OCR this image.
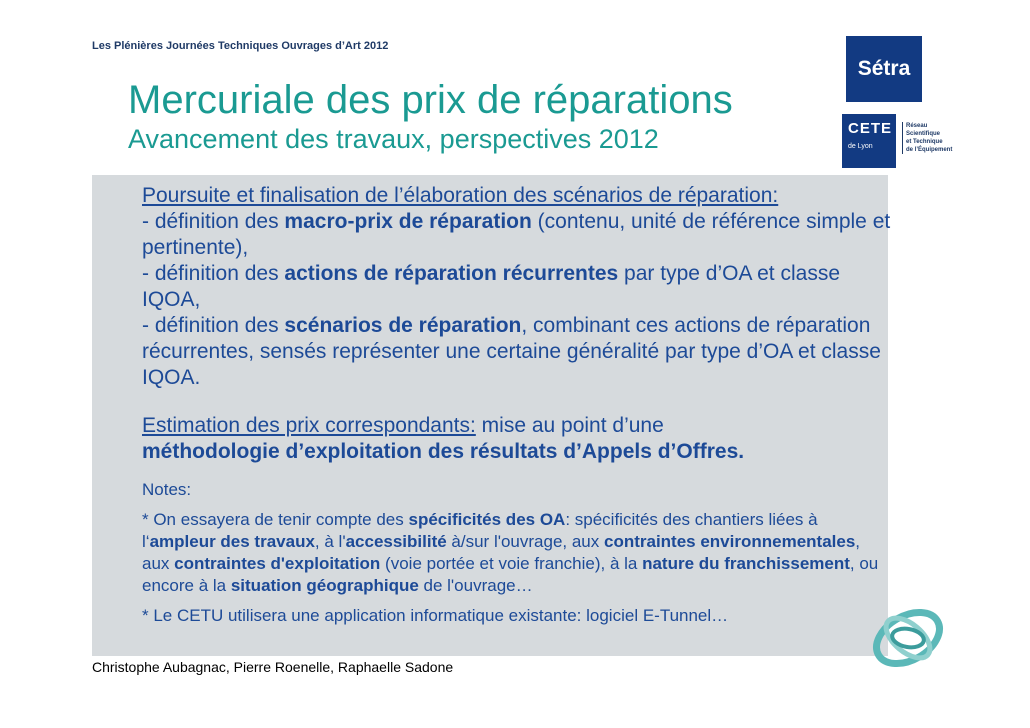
Les Plénières Journées Techniques Ouvrages d’Art 2012
Mercuriale des prix de réparations
Avancement des travaux, perspectives 2012
Sétra
CETE
de Lyon
Réseau
Scientifique
et Technique
de l’Équipement

Poursuite et finalisation de l’élaboration des scénarios de réparation:

- définition des macro-prix de réparation (contenu, unité de référence simple et pertinente),

- définition des actions de réparation récurrentes par type d’OA et classe IQOA,

- définition des scénarios de réparation, combinant ces actions de réparation récurrentes, sensés représenter une certaine généralité par type d’OA et classe IQOA.

Estimation des prix correspondants: mise au point d’une

méthodologie d’exploitation des résultats d’Appels d’Offres.

Notes:
* On essayera de tenir compte des spécificités des OA: spécificités des chantiers liées à l‘ampleur des travaux, à l'accessibilité à/sur l'ouvrage, aux contraintes environnementales, aux contraintes d'exploitation (voie portée et voie franchie), à la nature du franchissement, ou encore à la situation géographique de l'ouvrage…
* Le CETU utilisera une application informatique existante: logiciel E-Tunnel…
Christophe Aubagnac, Pierre Roenelle, Raphaelle Sadone
